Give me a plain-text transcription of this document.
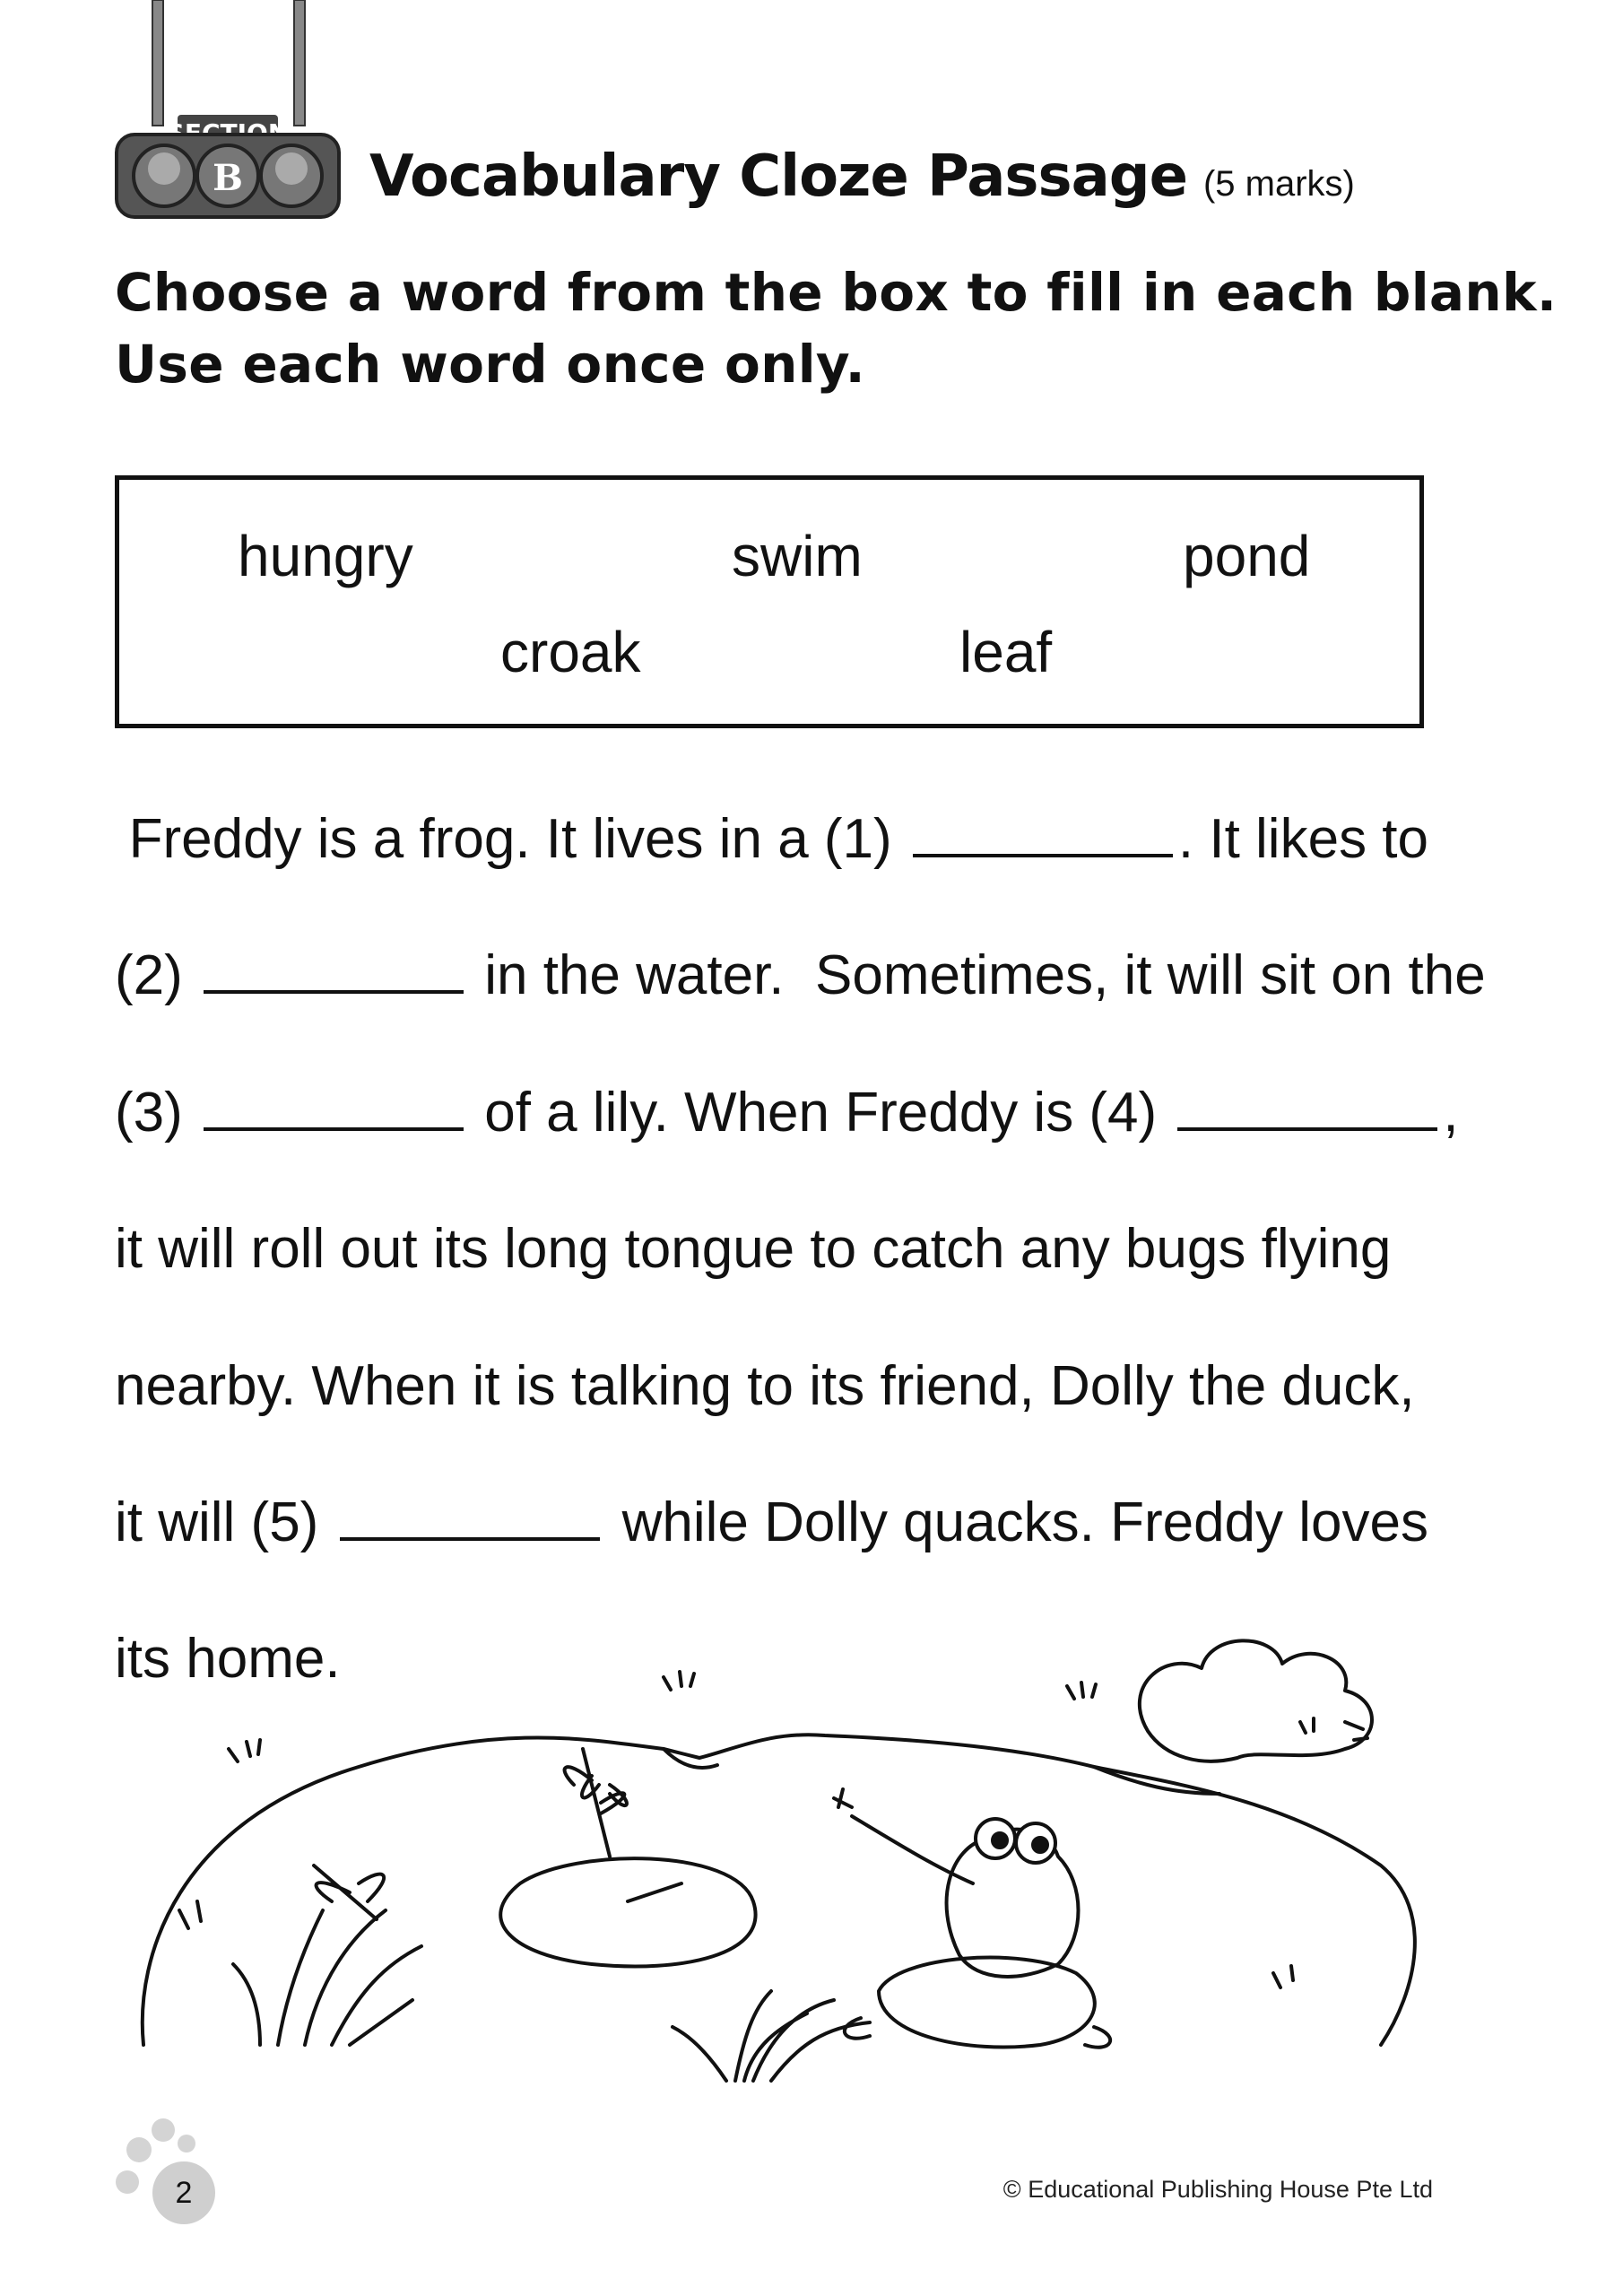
B Vocabulary Cloze Passage (5 marks)
Choose a word from the box to fill in each blank.
Use each word once only.
hungry	swim	pond
croak	leaf
Freddy is a frog. It lives in a (1)	. It likes to
(2)	in the water.  Sometimes, it will sit on the
(3)	of a lily. When Freddy is (4)	,
it will roll out its long tongue to catch any bugs flying
nearby. When it is talking to its friend, Dolly the duck,
it will (5)	while Dolly quacks. Freddy loves
its home.
2	© Educational Publishing House Pte Ltd
